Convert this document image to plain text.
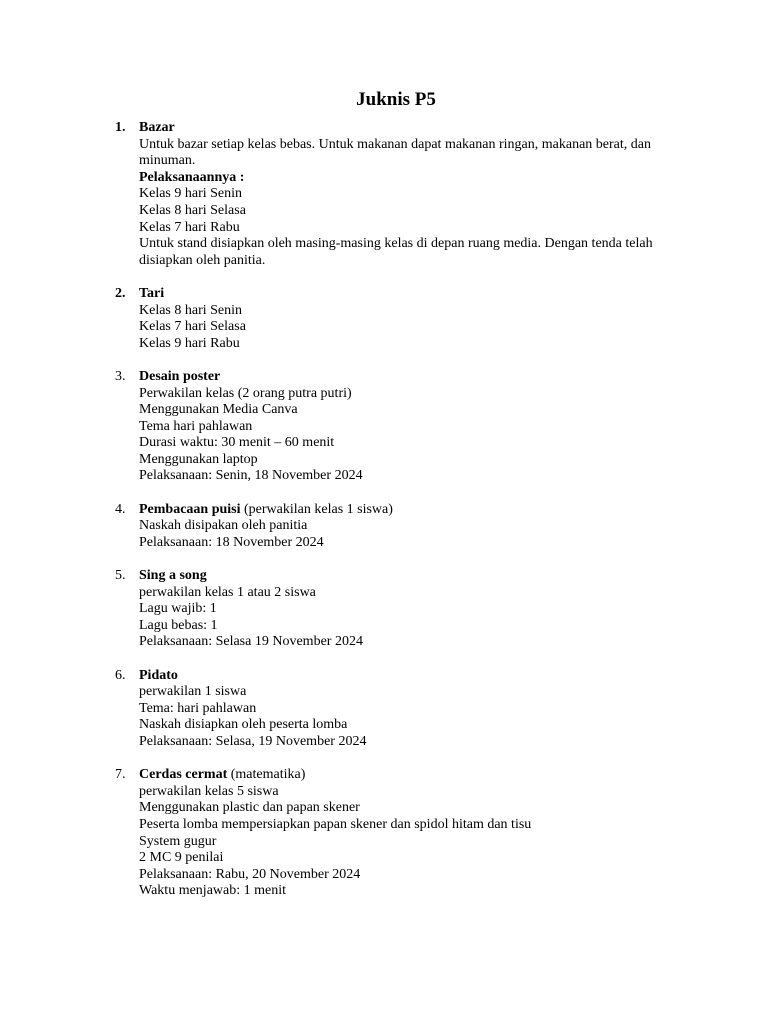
Juknis P5
1. Bazar
Untuk bazar setiap kelas bebas. Untuk makanan dapat makanan ringan, makanan berat, dan minuman.
Pelaksanaannya :
Kelas 9 hari Senin
Kelas 8 hari Selasa
Kelas 7 hari Rabu
Untuk stand disiapkan oleh masing-masing kelas di depan ruang media. Dengan tenda telah disiapkan oleh panitia.
2. Tari
Kelas 8 hari Senin
Kelas 7 hari Selasa
Kelas 9 hari Rabu
3. Desain poster
Perwakilan kelas (2 orang putra putri)
Menggunakan Media Canva
Tema hari pahlawan
Durasi waktu: 30 menit – 60 menit
Menggunakan laptop
Pelaksanaan: Senin, 18 November 2024
4. Pembacaan puisi (perwakilan kelas 1 siswa)
Naskah disipakan oleh panitia
Pelaksanaan: 18 November 2024
5. Sing a song
perwakilan kelas 1 atau 2 siswa
Lagu wajib: 1
Lagu bebas: 1
Pelaksanaan: Selasa 19 November 2024
6. Pidato
perwakilan 1 siswa
Tema: hari pahlawan
Naskah disiapkan oleh peserta lomba
Pelaksanaan: Selasa, 19 November 2024
7. Cerdas cermat (matematika)
perwakilan kelas 5 siswa
Menggunakan plastic dan papan skener
Peserta lomba mempersiapkan papan skener dan spidol hitam dan tisu
System gugur
2 MC 9 penilai
Pelaksanaan: Rabu, 20 November 2024
Waktu menjawab: 1 menit
